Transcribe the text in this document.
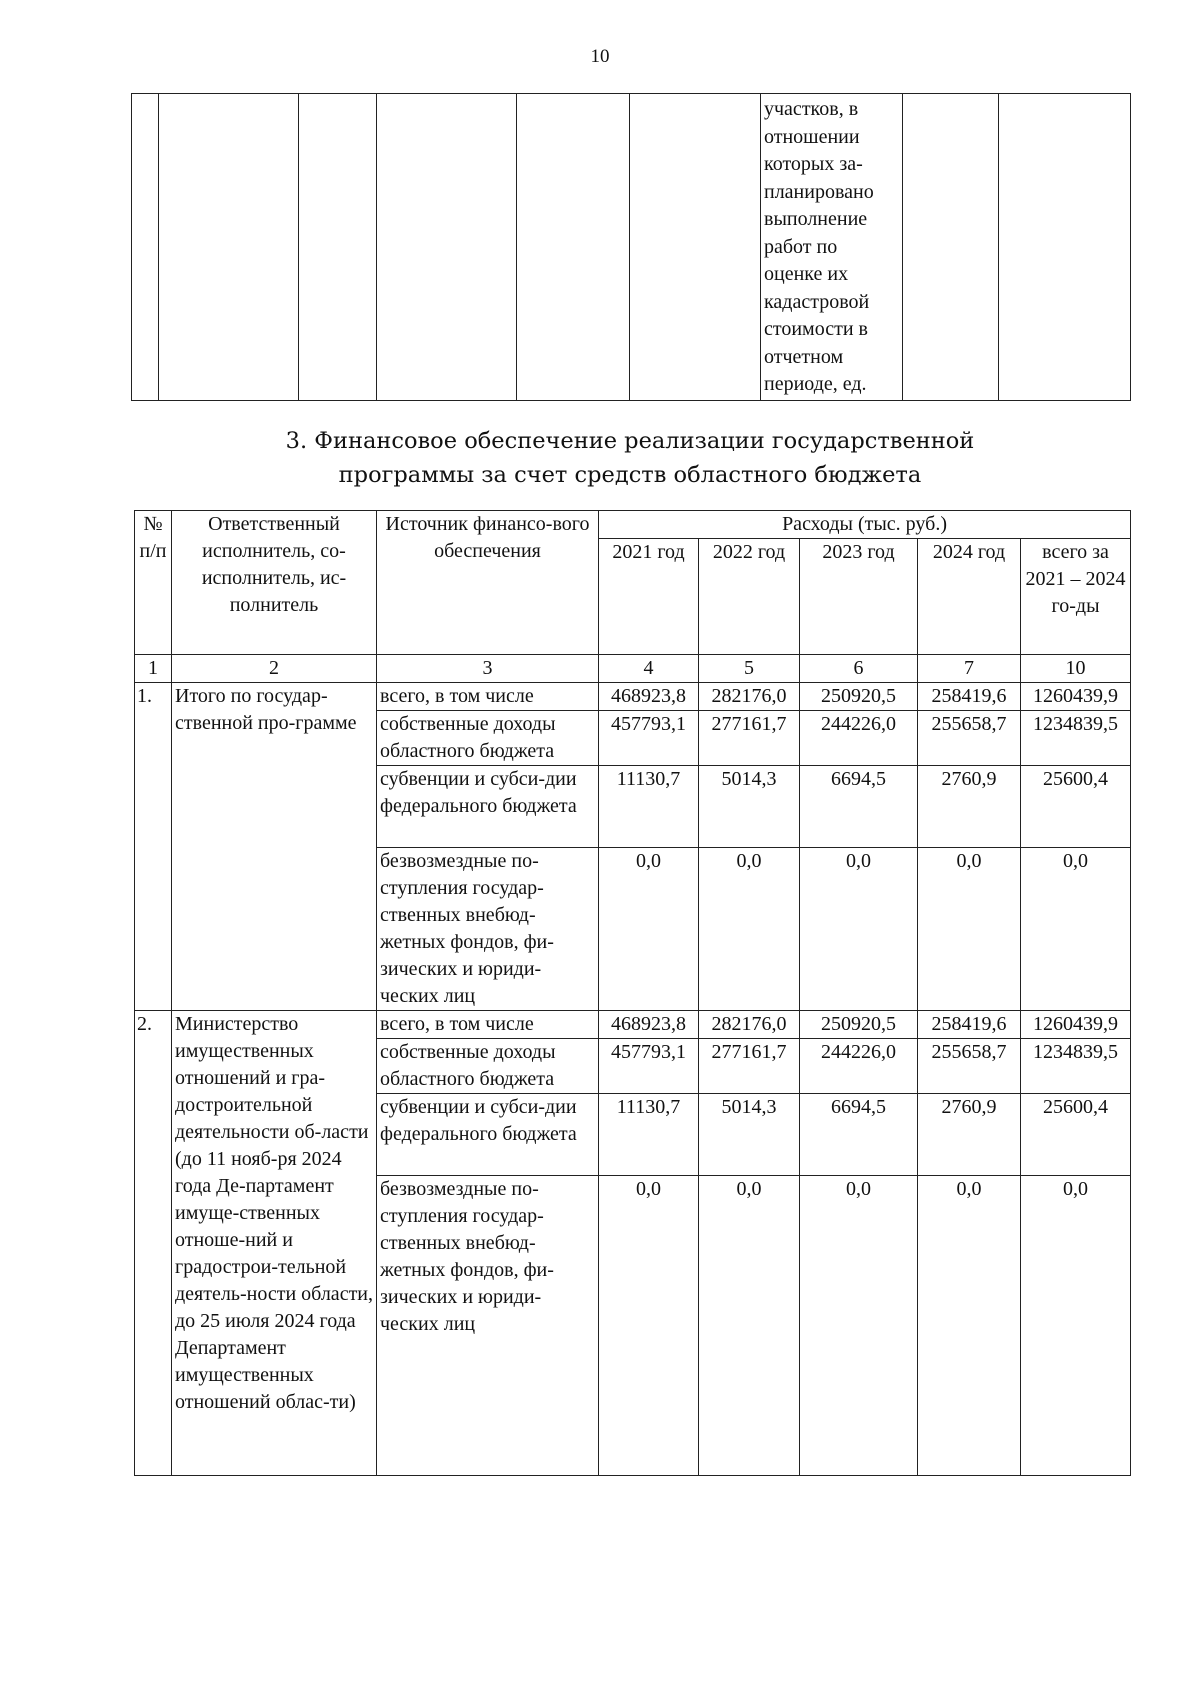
10

участков, в
отношении
которых за-
планировано
выполнение
работ по
оценке их
кадастровой
стоимости в
отчетном
периоде, ед.

3. Финансовое обеспечение реализации государственной
программы за счет средств областного бюджета
№ п/п	Ответственный исполнитель, со-исполнитель, ис-полнитель	Источник финансо-вого обеспечения	Расходы (тыс. руб.)				
			2021 год	2022 год	2023 год	2024 год	всего за 2021 – 2024 го-ды
1	2	3	4	5	6	7	10
1.	Итого по государ-ственной про-грамме	всего, в том числе	468923,8	282176,0	250920,5	258419,6	1260439,9
		собственные доходы областного бюджета	457793,1	277161,7	244226,0	255658,7	1234839,5
		субвенции и субси-дии федерального бюджета	11130,7	5014,3	6694,5	2760,9	25600,4
		безвозмездные по-ступления государ-ственных внебюд-жетных фондов, фи-зических и юриди-ческих лиц	0,0	0,0	0,0	0,0	0,0
2.	Министерство имущественных отношений и гра-достроительной деятельности об-ласти (до 11 нояб-ря 2024 года Де-партамент имуще-ственных отноше-ний и градострои-тельной деятель-ности области, до 25 июля 2024 года Департамент имущественных отношений облас-ти)	всего, в том числе	468923,8	282176,0	250920,5	258419,6	1260439,9
		собственные доходы областного бюджета	457793,1	277161,7	244226,0	255658,7	1234839,5
		субвенции и субси-дии федерального бюджета	11130,7	5014,3	6694,5	2760,9	25600,4
		безвозмездные по-ступления государ-ственных внебюд-жетных фондов, фи-зических и юриди-ческих лиц	0,0	0,0	0,0	0,0	0,0
